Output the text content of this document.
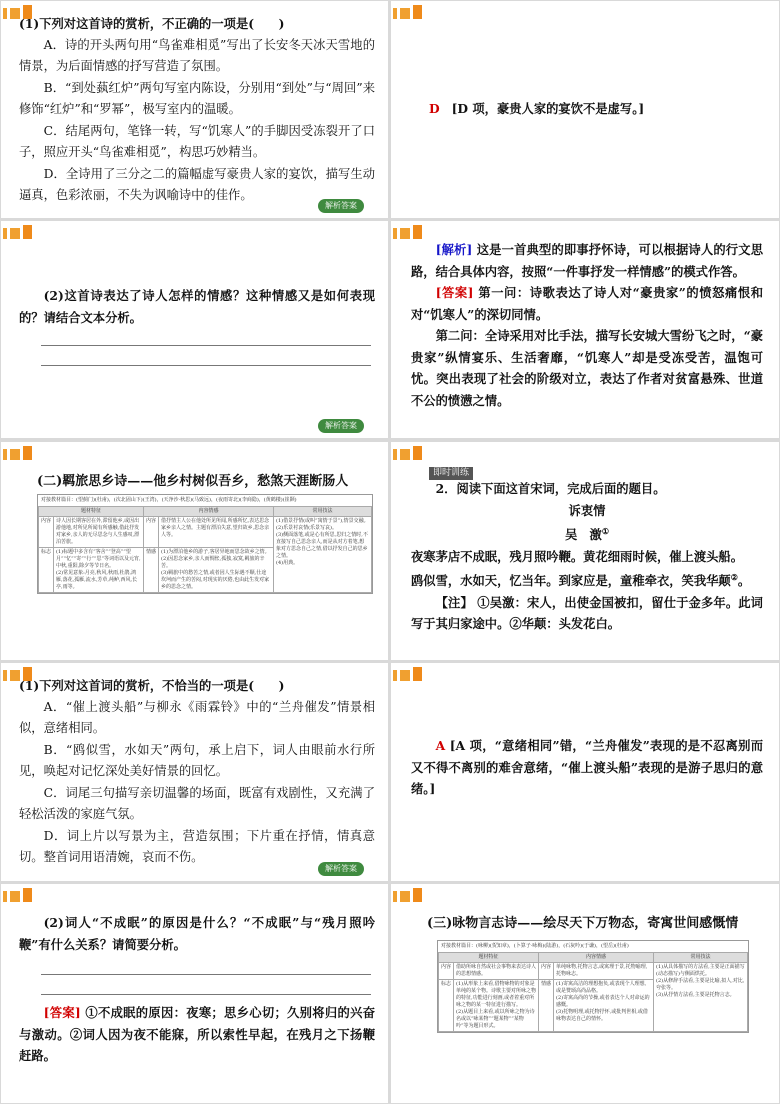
(1)下列对这首诗的赏析，不正确的一项是(　　)

A．诗的开头两句用“鸟雀难相觅”写出了长安冬天冰天雪地的情景，为后面情感的抒写营造了氛围。

B．“到处蓺红炉”两句写室内陈设，分别用“到处”与“周回”来修饰“红炉”和“罗幂”，极写室内的温暖。

C．结尾两句，笔锋一转，写“饥寒人”的手脚因受冻裂开了口子，照应开头“鸟雀难相觅”，构思巧妙精当。

D．全诗用了三分之二的篇幅虚写豪贵人家的宴饮，描写生动逼真，色彩浓丽，不失为讽喻诗中的佳作。

解析答案
D [D 项，豪贵人家的宴饮不是虚写。]

(2)这首诗表达了诗人怎样的情感？这种情感又是如何表现的？请结合文本分析。

解析答案

[解析] 这是一首典型的即事抒怀诗，可以根据诗人的行文思路，结合具体内容，按照“一件事抒发一样情感”的模式作答。

[答案] 第一问：诗歌表达了诗人对“豪贵家”的愤怒痛恨和对“饥寒人”的深切同情。

第二问：全诗采用对比手法，描写长安城大雪纷飞之时，“豪贵家”纵情宴乐、生活奢靡，“饥寒人”却是受冻受苦，温饱可忧。突出表现了社会的阶级对立，表达了作者对贫富悬殊、世道不公的愤懑之情。

(二)羁旅思乡诗——他乡村树似吾乡，愁煞天涯断肠人
对接教材篇目：(望蓟门)(杜甫)，(次北固山下)(王湾)，(天净沙·秋思)(马致远)，(夜雨寄北)(李商隐)，(黄鹤楼)(崔颢)
题材特征		内容情感		常用技法
内容	诗人因长期客居在外,滞留他乡,或因出游他地,对所见所闻有所感触,借此抒发对家乡,亲人的无尽思念与人生感叹,漂泊苦旅。	内容	借抒情主人公在他处所见所闻,所感所忆,表达思念家乡亲人之情。主题有漂泊失意,望归故乡,思念亲人等。	(1)借景抒情(或叫“寓情于景”),情景交融。
(2)乐景衬哀情(乐景写哀)。
(3)侧面落笔,或是心有所思,思归之情时,不直接写自己思念亲人,而是从对方着笔,想象对方思念自己之情,借以抒发自己的思乡之情。
(4)用典。
标志	(1)标题中多含有“客舍”“登高”“望月”“忆”“寄”“行”“思”等词语以及元宵,中秋,重阳,除夕等节日名。
(2)常见意象:月亮,秋风,秋雨,杜鹃,鸿雁,落花,孤雁,流水,芳草,莼鲈,西风,长亭,雨等。	情感	(1)为漂泊他乡的游子,客居异地而思念故乡之情。
(2)因思念家乡,亲人而惆怅,孤独,寂寞,羁旅的辛苦。
(3)羁旅中的愁苦之情,或者因人生际遇不顺,仕途坎坷而产生的苦闷,对现实的厌倦,也由此生发对家乡的思念之情。	
即时训练

2．阅读下面这首宋词，完成后面的题目。

诉衷情

吴　激①

夜寒茅店不成眠，残月照吟鞭。黄花细雨时候，催上渡头船。

鸥似雪，水如天，忆当年。到家应是，童稚牵衣，笑我华颠②。

【注】 ①吴激：宋人，出使金国被扣，留仕于金多年。此词写于其归家途中。②华颠：头发花白。

(1)下列对这首词的赏析，不恰当的一项是(　　)

A．“催上渡头船”与柳永《雨霖铃》中的“兰舟催发”情景相似，意绪相同。

B．“鸥似雪，水如天”两句，承上启下，词人由眼前水行所见，唤起对记忆深处美好情景的回忆。

C．词尾三句描写亲切温馨的场面，既富有戏剧性，又充满了轻松活泼的家庭气氛。

D．词上片以写景为主，营造氛围；下片重在抒情，情真意切。整首词用语清婉，哀而不伤。

解析答案

A [A 项，“意绪相同”错，“兰舟催发”表现的是不忍离别而又不得不离别的难舍意绪，“催上渡头船”表现的是游子思归的意绪。]

(2)词人“不成眠”的原因是什么？“不成眠”与“残月照吟鞭”有什么关系？请简要分析。

[答案] ①不成眠的原因：夜寒；思乡心切；久别将归的兴奋与激动。②词人因为夜不能寐，所以索性早起，在残月之下扬鞭赶路。

(三)咏物言志诗——绘尽天下万物态，寄寓世间感慨情
对接教材篇目：(咏柳)(贺知章)，(卜算子·咏梅)(陆游)，(石灰吟)(于谦)，(望岳)(杜甫)
题材特征		内容情感		常用技法
内容	借助所咏自然或社会事物来表达诗人的思想情感。	内容	单纯咏物,托物言志,或寓理于景,托物喻理,托物咏志。	(1)从具体描写的方法看,主要是正面描写(动态描写)与侧面烘托。
(2)从修辞手法看,主要是比喻,拟人,对比,夸张等。
(3)从抒情方法看,主要是托物言志。
标志	(1)从形象上来看,借物咏物的对象是单纯的某个物。诗歌主要对所咏之物的特征,功能进行刻画,或者着重对所咏之物的某一特征进行描写。
(2)从题目上来看,或以所咏之物为诗名或以“咏某物”“题某物”“某物吟”等为题目形式。	情感	(1)寄寓高洁的理想抱负,或表现个人理想,或是赞颂高尚品格。
(2)寄寓高尚的节操,或者表达个人对命运的感慨。
(3)托物明理,或托物抒怀,或批判世相,或借咏物表达自己的情怀。	
